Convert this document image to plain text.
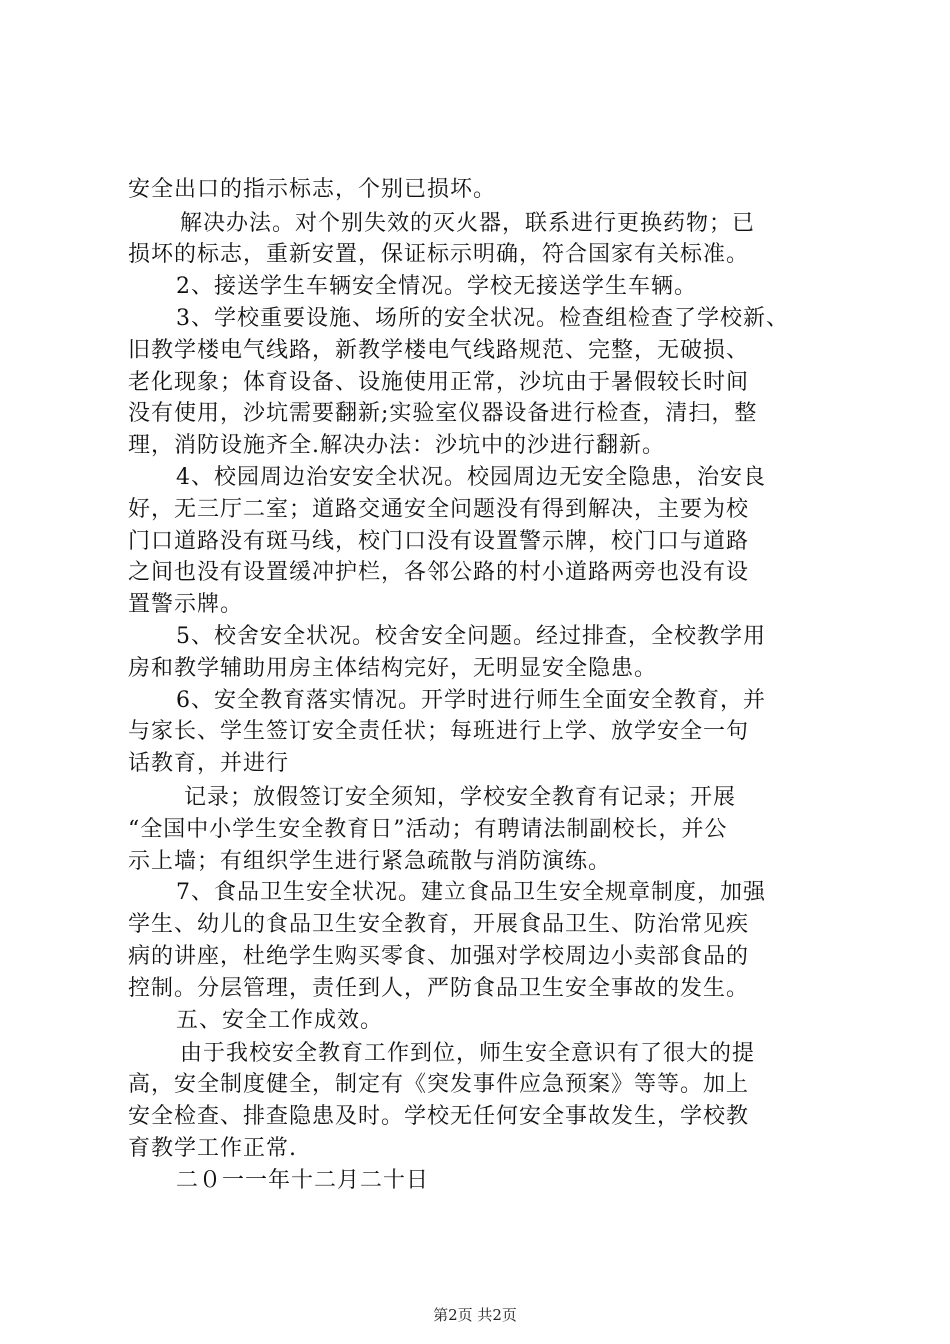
安全出口的指示标志，个别已损坏。
解决办法。对个别失效的灭火器，联系进行更换药物；已
损坏的标志，重新安置，保证标示明确，符合国家有关标准。
2、接送学生车辆安全情况。学校无接送学生车辆。
3、学校重要设施、场所的安全状况。检查组检查了学校新、
旧教学楼电气线路，新教学楼电气线路规范、完整，无破损、
老化现象；体育设备、设施使用正常，沙坑由于暑假较长时间
没有使用，沙坑需要翻新;实验室仪器设备进行检查，清扫，整
理，消防设施齐全.解决办法：沙坑中的沙进行翻新。
4、校园周边治安安全状况。校园周边无安全隐患，治安良
好，无三厅二室；道路交通安全问题没有得到解决，主要为校
门口道路没有斑马线，校门口没有设置警示牌，校门口与道路
之间也没有设置缓冲护栏，各邻公路的村小道路两旁也没有设
置警示牌。
5、校舍安全状况。校舍安全问题。经过排查，全校教学用
房和教学辅助用房主体结构完好，无明显安全隐患。
6、安全教育落实情况。开学时进行师生全面安全教育，并
与家长、学生签订安全责任状；每班进行上学、放学安全一句
话教育，并进行
记录；放假签订安全须知，学校安全教育有记录；开展
“全国中小学生安全教育日”活动；有聘请法制副校长，并公
示上墙；有组织学生进行紧急疏散与消防演练。
7、食品卫生安全状况。建立食品卫生安全规章制度，加强
学生、幼儿的食品卫生安全教育，开展食品卫生、防治常见疾
病的讲座，杜绝学生购买零食、加强对学校周边小卖部食品的
控制。分层管理，责任到人，严防食品卫生安全事故的发生。
五、安全工作成效。
由于我校安全教育工作到位，师生安全意识有了很大的提
高，安全制度健全，制定有《突发事件应急预案》等等。加上
安全检查、排查隐患及时。学校无任何安全事故发生，学校教
育教学工作正常.
二０一一年十二月二十日
第2页 共2页
